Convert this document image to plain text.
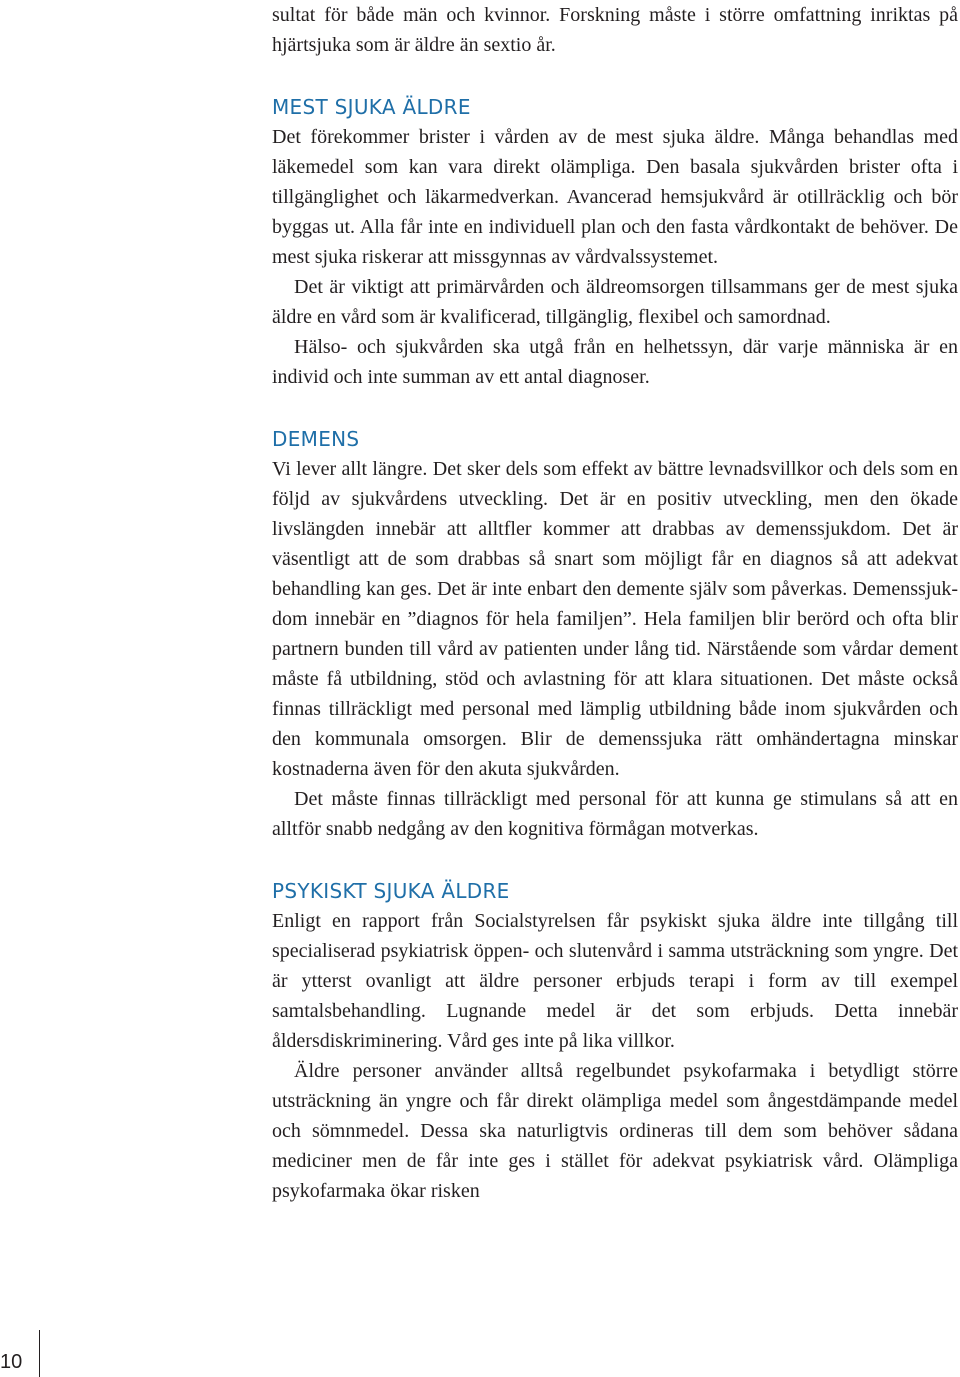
sultat för både män och kvinnor. Forskning måste i större omfattning inriktas på hjärtsjuka som är äldre än sextio år.

MEST SJUKA ÄLDRE

Det förekommer brister i vården av de mest sjuka äldre. Många behandlas med läkemedel som kan vara direkt olämpliga. Den basala sjukvården brister ofta i tillgänglighet och läkarmedverkan. Avancerad hemsjukvård är otillräcklig och bör byggas ut. Alla får inte en individuell plan och den fasta vårdkontakt de behöver. De mest sjuka riskerar att missgynnas av vårdvalssystemet.

Det är viktigt att primärvården och äldreomsorgen tillsammans ger de mest sjuka äldre en vård som är kvalificerad, tillgänglig, flexibel och samordnad.

Hälso- och sjukvården ska utgå från en helhetssyn, där varje människa är en individ och inte summan av ett antal diagnoser.

DEMENS

Vi lever allt längre. Det sker dels som effekt av bättre levnadsvillkor och dels som en följd av sjukvårdens utveckling. Det är en positiv utveckling, men den ökade livslängden innebär att alltfler kommer att drabbas av demenssjukdom. Det är väsentligt att de som drabbas så snart som möjligt får en diagnos så att adekvat behandling kan ges. Det är inte enbart den demente själv som påverkas. Demenssjukdom innebär en ”diagnos för hela familjen”. Hela familjen blir berörd och ofta blir partnern bunden till vård av patienten under lång tid. Närstående som vårdar dement måste få utbildning, stöd och avlastning för att klara situationen. Det måste också finnas tillräckligt med personal med lämplig utbildning både inom sjukvården och den kommunala omsorgen. Blir de demenssjuka rätt omhändertagna minskar kostnaderna även för den akuta sjukvården.

Det måste finnas tillräckligt med personal för att kunna ge stimulans så att en alltför snabb nedgång av den kognitiva förmågan motverkas.

PSYKISKT SJUKA ÄLDRE

Enligt en rapport från Socialstyrelsen får psykiskt sjuka äldre inte tillgång till specialiserad psykiatrisk öppen- och slutenvård i samma utsträckning som yngre. Det är ytterst ovanligt att äldre personer erbjuds terapi i form av till exempel samtalsbehandling. Lugnande medel är det som erbjuds. Detta innebär åldersdiskriminering. Vård ges inte på lika villkor.

Äldre personer använder alltså regelbundet psykofarmaka i betydligt större utsträckning än yngre och får direkt olämpliga medel som ångestdämpande medel och sömnmedel. Dessa ska naturligtvis ordineras till dem som behöver sådana mediciner men de får inte ges i stället för adekvat psykiatrisk vård. Olämpliga psykofarmaka ökar risken

10
